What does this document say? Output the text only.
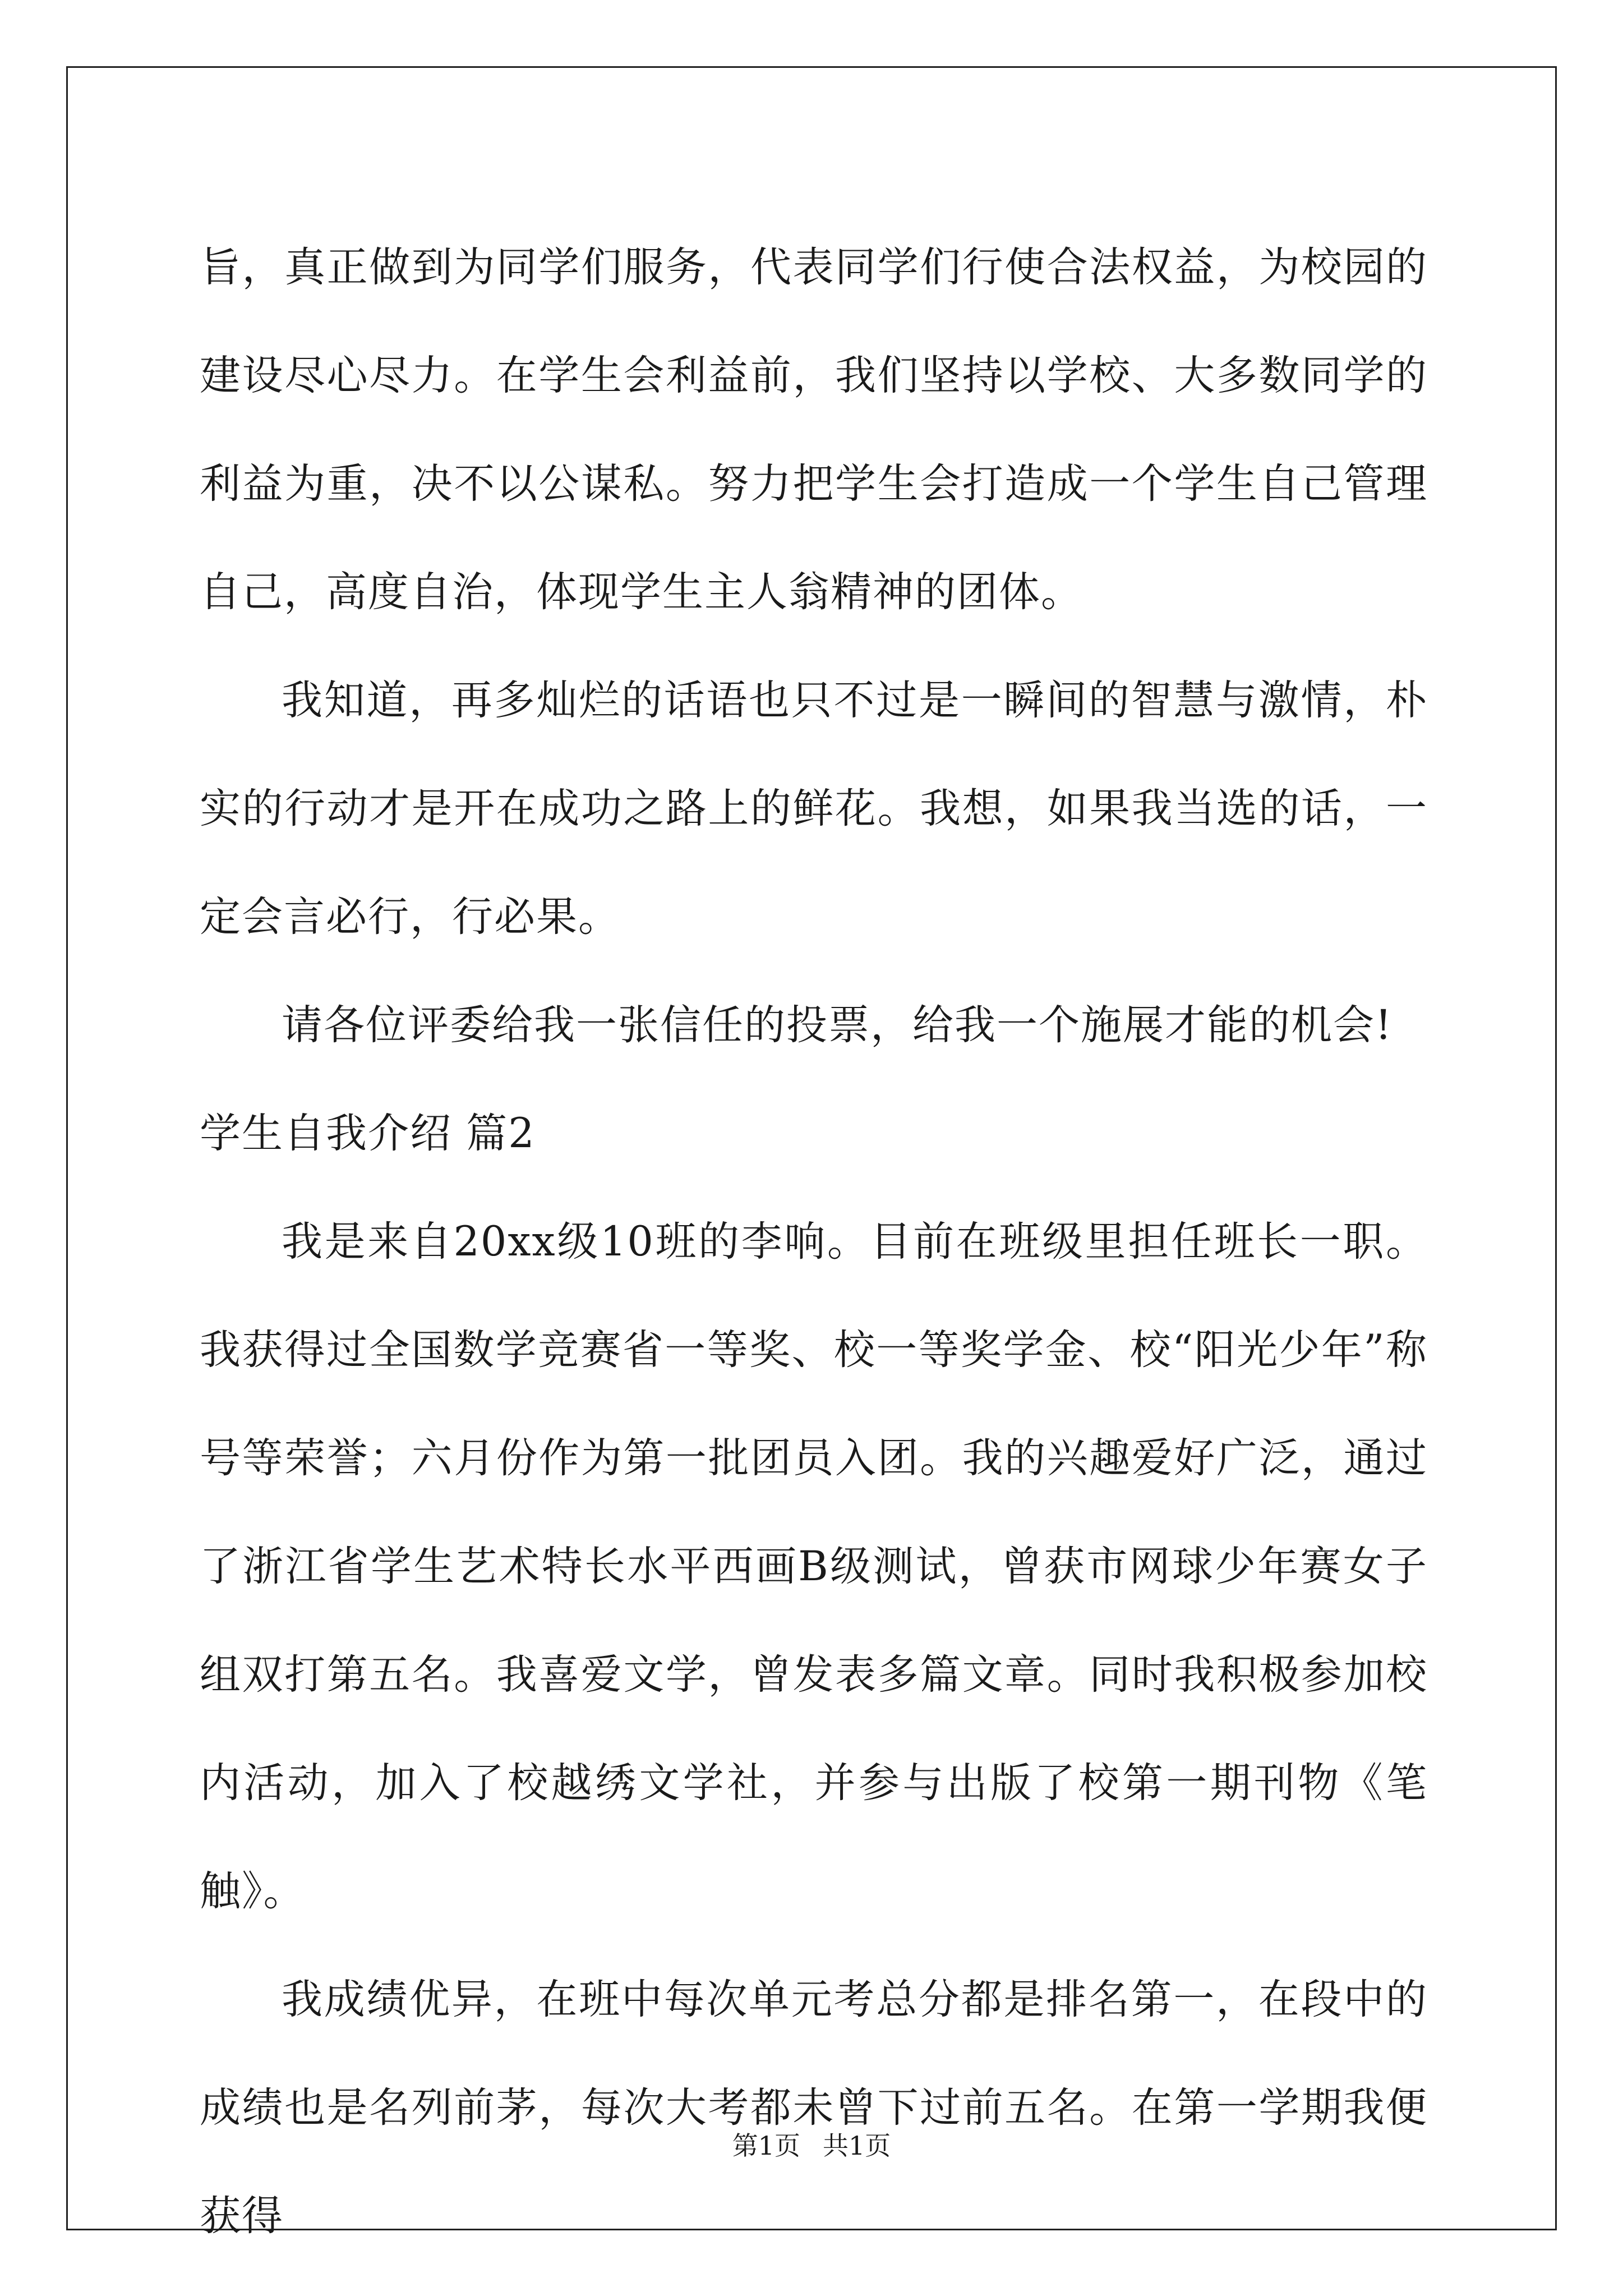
旨，真正做到为同学们服务，代表同学们行使合法权益，为校园的建设尽心尽力。在学生会利益前，我们坚持以学校、大多数同学的利益为重，决不以公谋私。努力把学生会打造成一个学生自己管理自己，高度自治，体现学生主人翁精神的团体。

我知道，再多灿烂的话语也只不过是一瞬间的智慧与激情，朴实的行动才是开在成功之路上的鲜花。我想，如果我当选的话，一定会言必行，行必果。

请各位评委给我一张信任的投票，给我一个施展才能的机会!

学生自我介绍 篇2

我是来自20xx级10班的李响。目前在班级里担任班长一职。我获得过全国数学竞赛省一等奖、校一等奖学金、校“阳光少年”称号等荣誉；六月份作为第一批团员入团。我的兴趣爱好广泛，通过了浙江省学生艺术特长水平西画B级测试，曾获市网球少年赛女子组双打第五名。我喜爱文学，曾发表多篇文章。同时我积极参加校内活动，加入了校越绣文学社，并参与出版了校第一期刊物《笔触》。

我成绩优异，在班中每次单元考总分都是排名第一，在段中的成绩也是名列前茅，每次大考都未曾下过前五名。在第一学期我便获得

第1页 共1页
